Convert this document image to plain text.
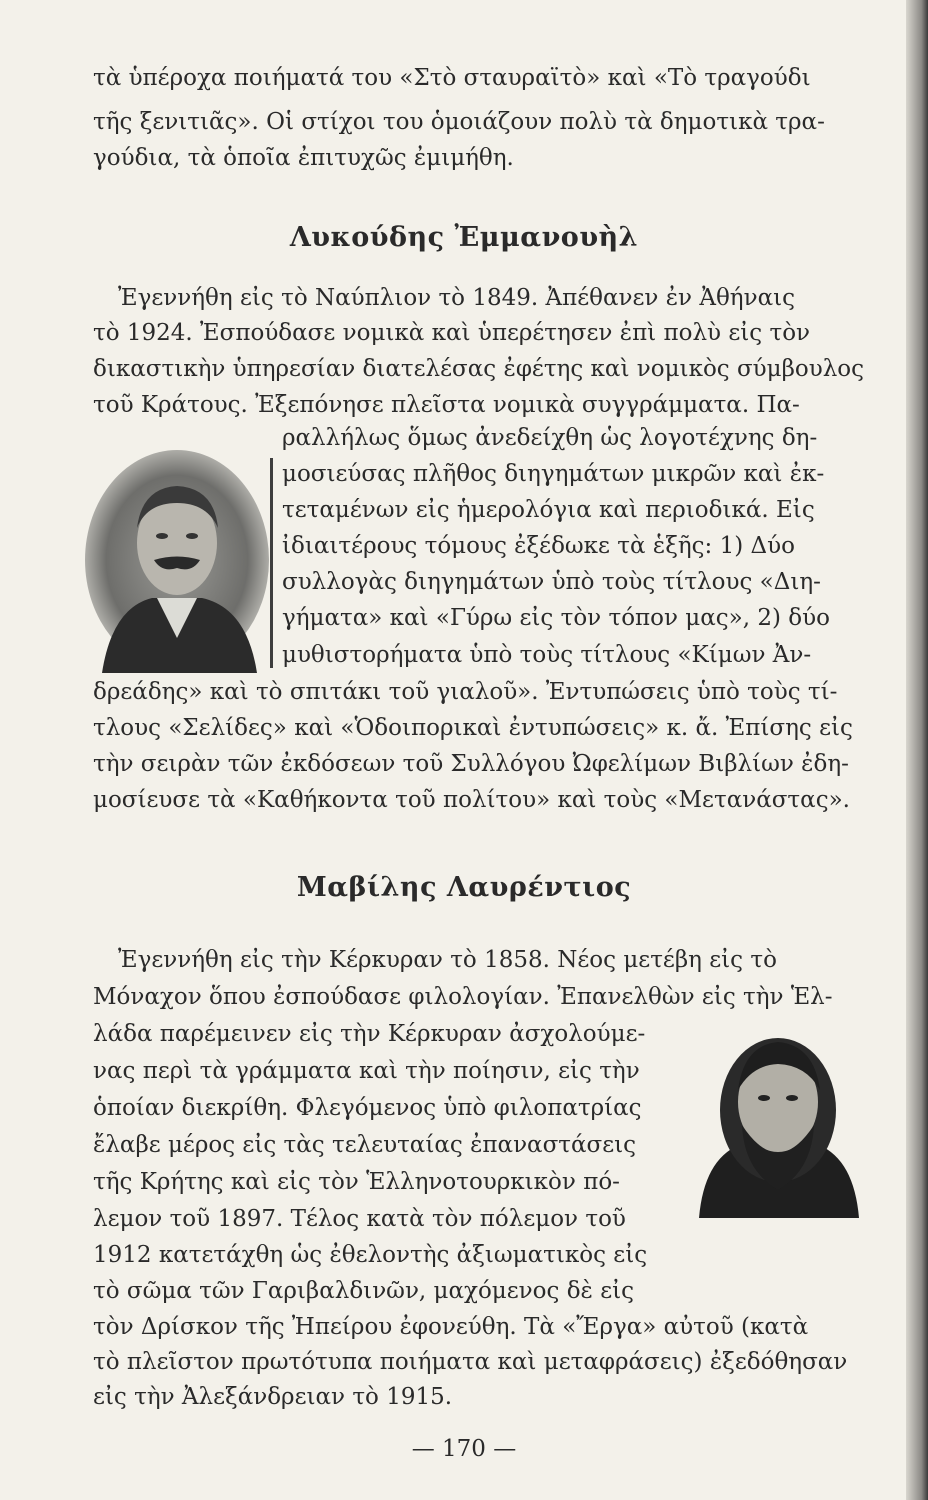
τὰ ὑπέροχα ποιήματά του «Στὸ σταυραϊτὸ» καὶ «Τὸ τραγούδι
τῆς ξενιτιᾶς». Οἱ στίχοι του ὁμοιάζουν πολὺ τὰ δημοτικὰ τρα-
γούδια, τὰ ὁποῖα ἐπιτυχῶς ἐμιμήθη.
Λυκούδης Ἐμμανουὴλ
Ἐγεννήθη εἰς τὸ Ναύπλιον τὸ 1849. Ἀπέθανεν ἐν Ἀθήναις
τὸ 1924. Ἐσπούδασε νομικὰ καὶ ὑπερέτησεν ἐπὶ πολὺ εἰς τὸν
δικαστικὴν ὑπηρεσίαν διατελέσας ἐφέτης καὶ νομικὸς σύμβουλος
τοῦ Κράτους. Ἐξεπόνησε πλεῖστα νομικὰ συγγράμματα. Πα-
ραλλήλως ὅμως ἀνεδείχθη ὡς λογοτέχνης δη-
μοσιεύσας πλῆθος διηγημάτων μικρῶν καὶ ἐκ-
τεταμένων εἰς ἡμερολόγια καὶ περιοδικά. Εἰς
ἰδιαιτέρους τόμους ἐξέδωκε τὰ ἑξῆς: 1) Δύο
συλλογὰς διηγημάτων ὑπὸ τοὺς τίτλους «Διη-
γήματα» καὶ «Γύρω εἰς τὸν τόπον μας», 2) δύο
μυθιστορήματα ὑπὸ τοὺς τίτλους «Κίμων Ἀν-
δρεάδης» καὶ τὸ σπιτάκι τοῦ γιαλοῦ». Ἐντυπώσεις ὑπὸ τοὺς τί-
τλους «Σελίδες» καὶ «Ὁδοιπορικαὶ ἐντυπώσεις» κ. ἄ. Ἐπίσης εἰς
τὴν σειρὰν τῶν ἐκδόσεων τοῦ Συλλόγου Ὠφελίμων Βιβλίων ἐδη-
μοσίευσε τὰ «Καθήκοντα τοῦ πολίτου» καὶ τοὺς «Μετανάστας».
Μαβίλης Λαυρέντιος
Ἐγεννήθη εἰς τὴν Κέρκυραν τὸ 1858. Νέος μετέβη εἰς τὸ
Μόναχον ὅπου ἐσπούδασε φιλολογίαν. Ἐπανελθὼν εἰς τὴν Ἑλ-
λάδα παρέμεινεν εἰς τὴν Κέρκυραν ἀσχολούμε-
νας περὶ τὰ γράμματα καὶ τὴν ποίησιν, εἰς τὴν
ὁποίαν διεκρίθη. Φλεγόμενος ὑπὸ φιλοπατρίας
ἔλαβε μέρος εἰς τὰς τελευταίας ἐπαναστάσεις
τῆς Κρήτης καὶ εἰς τὸν Ἑλληνοτουρκικὸν πό-
λεμον τοῦ 1897. Τέλος κατὰ τὸν πόλεμον τοῦ
1912 κατετάχθη ὡς ἐθελοντὴς ἀξιωματικὸς εἰς
τὸ σῶμα τῶν Γαριβαλδινῶν, μαχόμενος δὲ εἰς
τὸν Δρίσκον τῆς Ἠπείρου ἐφονεύθη. Τὰ «Ἔργα» αὐτοῦ (κατὰ
τὸ πλεῖστον πρωτότυπα ποιήματα καὶ μεταφράσεις) ἐξεδόθησαν
εἰς τὴν Ἀλεξάνδρειαν τὸ 1915.
— 170 —
